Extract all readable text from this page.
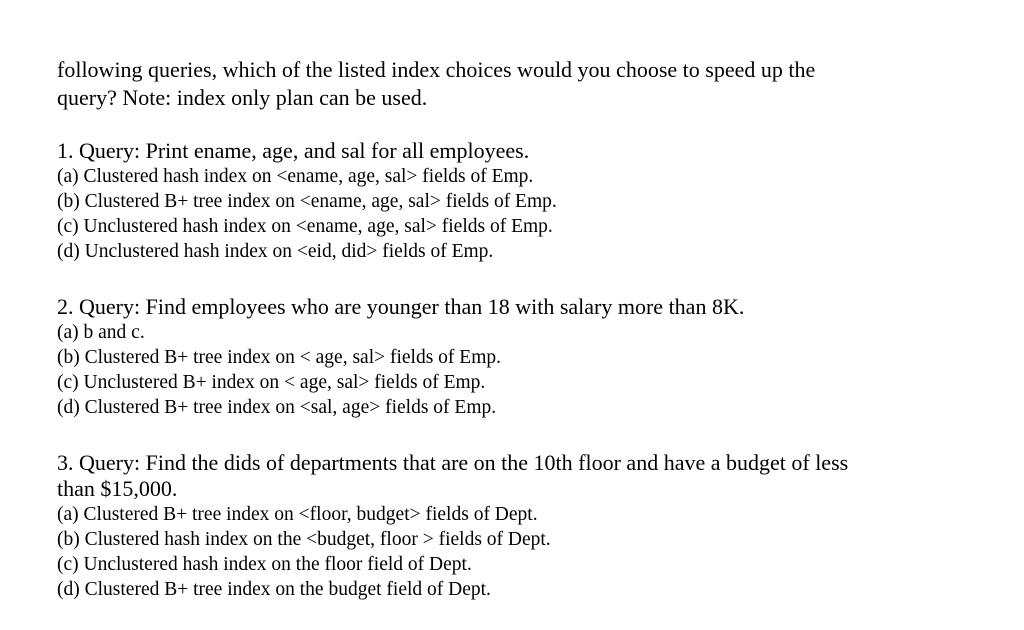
following queries, which of the listed index choices would you choose to speed up the

query? Note: index only plan can be used.

1. Query: Print ename, age, and sal for all employees.

(a) Clustered hash index on <ename, age, sal> fields of Emp.

(b) Clustered B+ tree index on <ename, age, sal> fields of Emp.

(c) Unclustered hash index on <ename, age, sal> fields of Emp.

(d) Unclustered hash index on <eid, did> fields of Emp.

2. Query: Find employees who are younger than 18 with salary more than 8K.

(a) b and c.

(b) Clustered B+ tree index on < age, sal> fields of Emp.

(c) Unclustered B+ index on < age, sal> fields of Emp.

(d) Clustered B+ tree index on <sal, age> fields of Emp.

3. Query: Find the dids of departments that are on the 10th floor and have a budget of less

than $15,000.

(a) Clustered B+ tree index on <floor, budget> fields of Dept.

(b) Clustered hash index on the <budget, floor > fields of Dept.

(c) Unclustered hash index on the floor field of Dept.

(d) Clustered B+ tree index on the budget field of Dept.
